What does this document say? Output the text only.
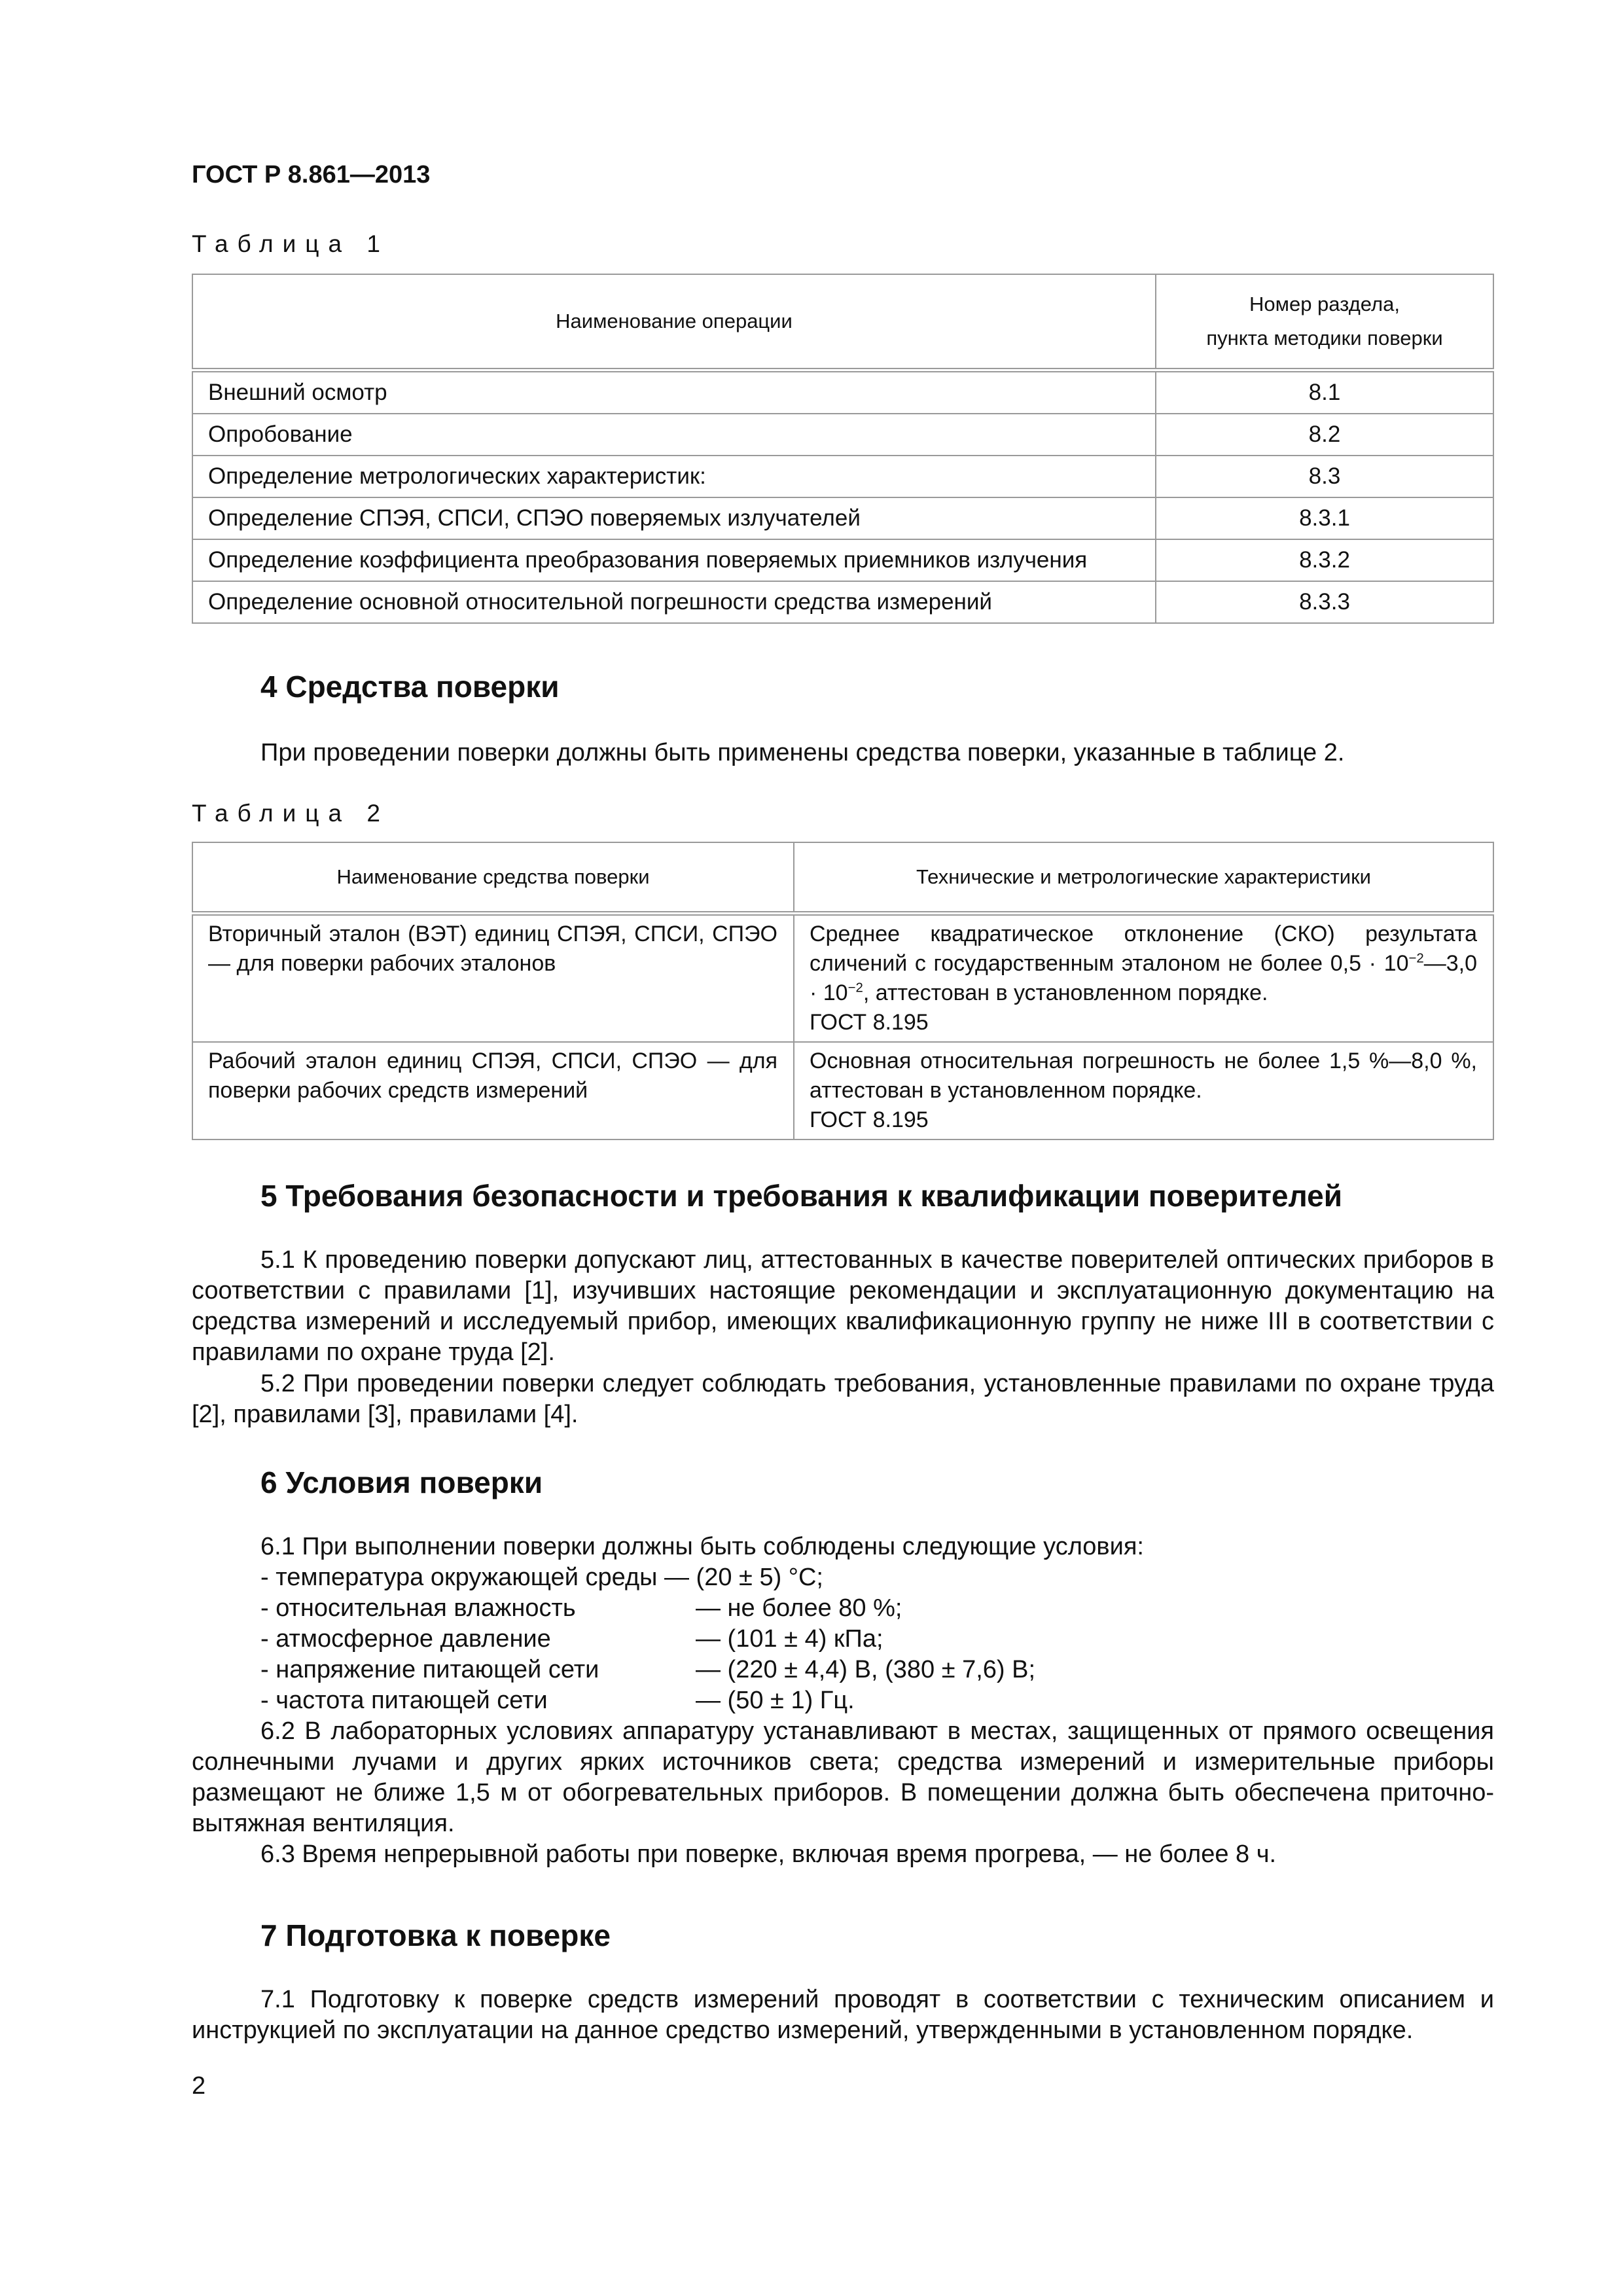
ГОСТ Р 8.861—2013
Таблица 1
Наименование операции	Номер раздела,
пункта методики поверки
Внешний осмотр	8.1
Опробование	8.2
Определение метрологических характеристик:	8.3
Определение СПЭЯ, СПСИ, СПЭО поверяемых излучателей	8.3.1
Определение коэффициента преобразования поверяемых приемников излучения	8.3.2
Определение основной относительной погрешности средства измерений	8.3.3
4 Средства поверки
При проведении поверки должны быть применены средства поверки, указанные в таблице 2.
Таблица 2
Наименование средства поверки	Технические и метрологические характеристики
Вторичный эталон (ВЭТ) единиц СПЭЯ, СПСИ, СПЭО — для поверки рабочих эталонов	Среднее квадратическое отклонение (СКО) результата сличений с государственным эталоном не более $0,5 \cdot 10^{-2}—3,0 \cdot 10^{-2}$, аттестован в установленном порядке.
ГОСТ 8.195
Рабочий эталон единиц СПЭЯ, СПСИ, СПЭО — для поверки рабочих средств измерений	Основная относительная погрешность не более 1,5 %—8,0 %, аттестован в установленном порядке.
ГОСТ 8.195
5 Требования безопасности и требования к квалификации поверителей
5.1 К проведению поверки допускают лиц, аттестованных в качестве поверителей оптических приборов в соответствии с правилами [1], изучивших настоящие рекомендации и эксплуатационную документацию на средства измерений и исследуемый прибор, имеющих квалификационную группу не ниже III в соответствии с правилами по охране труда [2].
5.2 При проведении поверки следует соблюдать требования, установленные правилами по охране труда [2], правилами [3], правилами [4].
6 Условия поверки
6.1 При выполнении поверки должны быть соблюдены следующие условия:
- температура окружающей среды — (20 ± 5) °С;
- относительная влажность	— не более 80 %;
- атмосферное давление	— (101 ± 4) кПа;
- напряжение питающей сети	— (220 ± 4,4) В, (380 ± 7,6) В;
- частота питающей сети	— (50 ± 1) Гц.
6.2 В лабораторных условиях аппаратуру устанавливают в местах, защищенных от прямого освещения солнечными лучами и других ярких источников света; средства измерений и измерительные приборы размещают не ближе 1,5 м от обогревательных приборов. В помещении должна быть обеспечена приточно-вытяжная вентиляция.
6.3 Время непрерывной работы при поверке, включая время прогрева, — не более 8 ч.
7 Подготовка к поверке
7.1 Подготовку к поверке средств измерений проводят в соответствии с техническим описанием и инструкцией по эксплуатации на данное средство измерений, утвержденными в установленном порядке.
2
